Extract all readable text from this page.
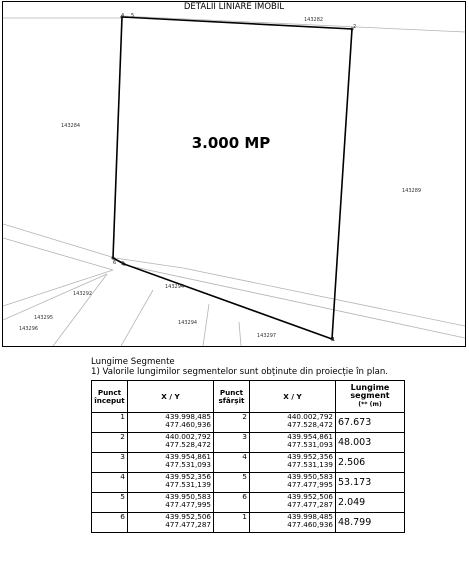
DETALII LINIARE IMOBIL
4 5
2
1
6 3
143282
143284
143289
143294
143292
143295
143296
143294
143297
3.000 MP
Lungime Segmente
1) Valorile lungimilor segmentelor sunt obținute din proiecție în plan.
Punct început	X / Y	Punct sfârșit	X / Y	Lungime segment
(** (m)
1	439.998,485
477.460,936	2	440.002,792
477.528,472	67.673
2	440.002,792
477.528,472	3	439.954,861
477.531,093	48.003
3	439.954,861
477.531,093	4	439.952,356
477.531,139	2.506
4	439.952,356
477.531,139	5	439.950,583
477.477,995	53.173
5	439.950,583
477.477,995	6	439.952,506
477.477,287	2.049
6	439.952,506
477.477,287	1	439.998,485
477.460,936	48.799
